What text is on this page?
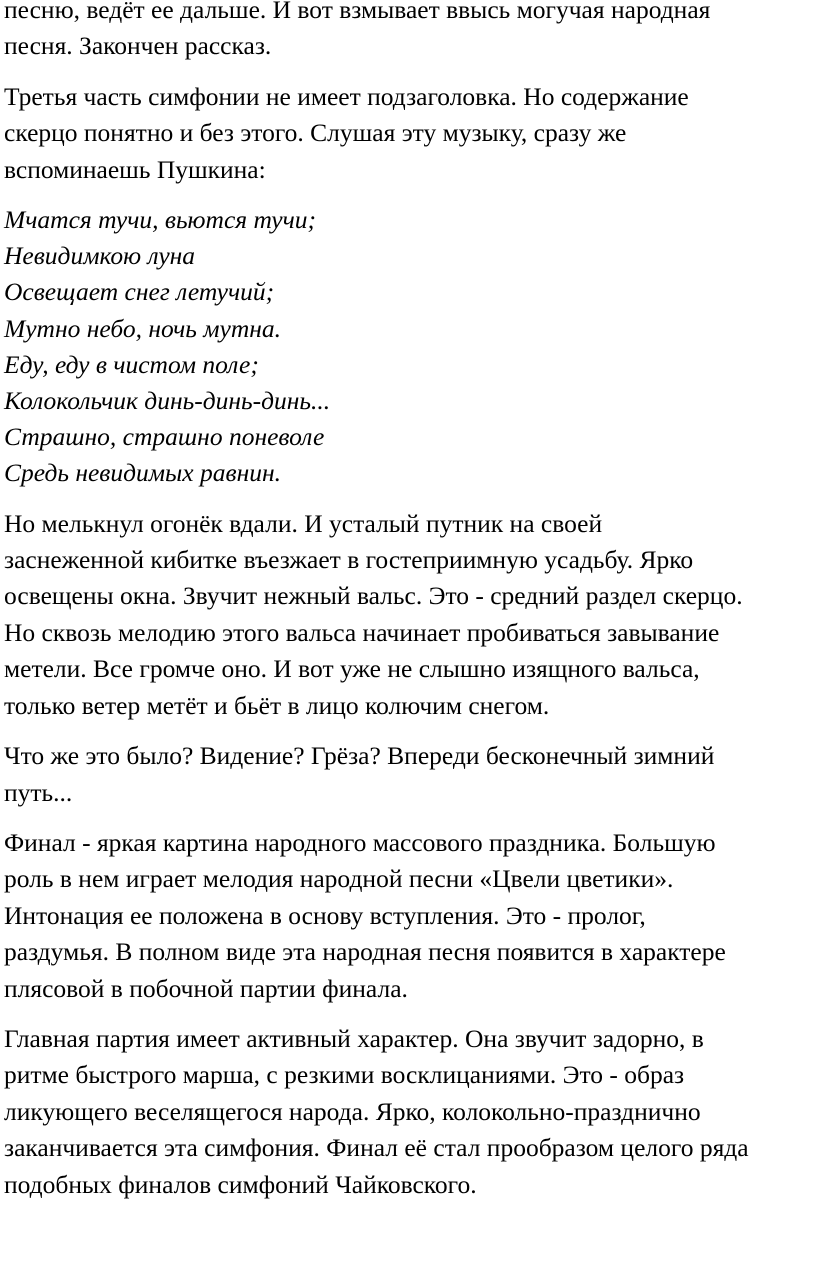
песню, ведёт ее дальше. И вот взмывает ввысь могучая народная
песня. Закончен рассказ.

Третья часть симфонии не имеет подзаголовка. Но содержание
скерцо понятно и без этого. Слушая эту музыку, сразу же
вспоминаешь Пушкина:

Мчатся тучи, вьются тучи;
Невидимкою луна
Освещает снег летучий;
Мутно небо, ночь мутна.
Еду, еду в чистом поле;
Колокольчик динь-динь-динь...
Страшно, страшно поневоле
Средь невидимых равнин.

Но мелькнул огонёк вдали. И усталый путник на своей
заснеженной кибитке въезжает в гостеприимную усадьбу. Ярко
освещены окна. Звучит нежный вальс. Это - средний раздел скерцо.
Но сквозь мелодию этого вальса начинает пробиваться завывание
метели. Все громче оно. И вот уже не слышно изящного вальса,
только ветер метёт и бьёт в лицо колючим снегом.

Что же это было? Видение? Грёза? Впереди бесконечный зимний
путь...

Финал - яркая картина народного массового праздника. Большую
роль в нем играет мелодия народной песни «Цвели цветики».
Интонация ее положена в основу вступления. Это - пролог,
раздумья. В полном виде эта народная песня появится в характере
плясовой в побочной партии финала.

Главная партия имеет активный характер. Она звучит задорно, в
ритме быстрого марша, с резкими восклицаниями. Это - образ
ликующего веселящегося народа. Ярко, колокольно-празднично
заканчивается эта симфония. Финал её стал прообразом целого ряда
подобных финалов симфоний Чайковского.
